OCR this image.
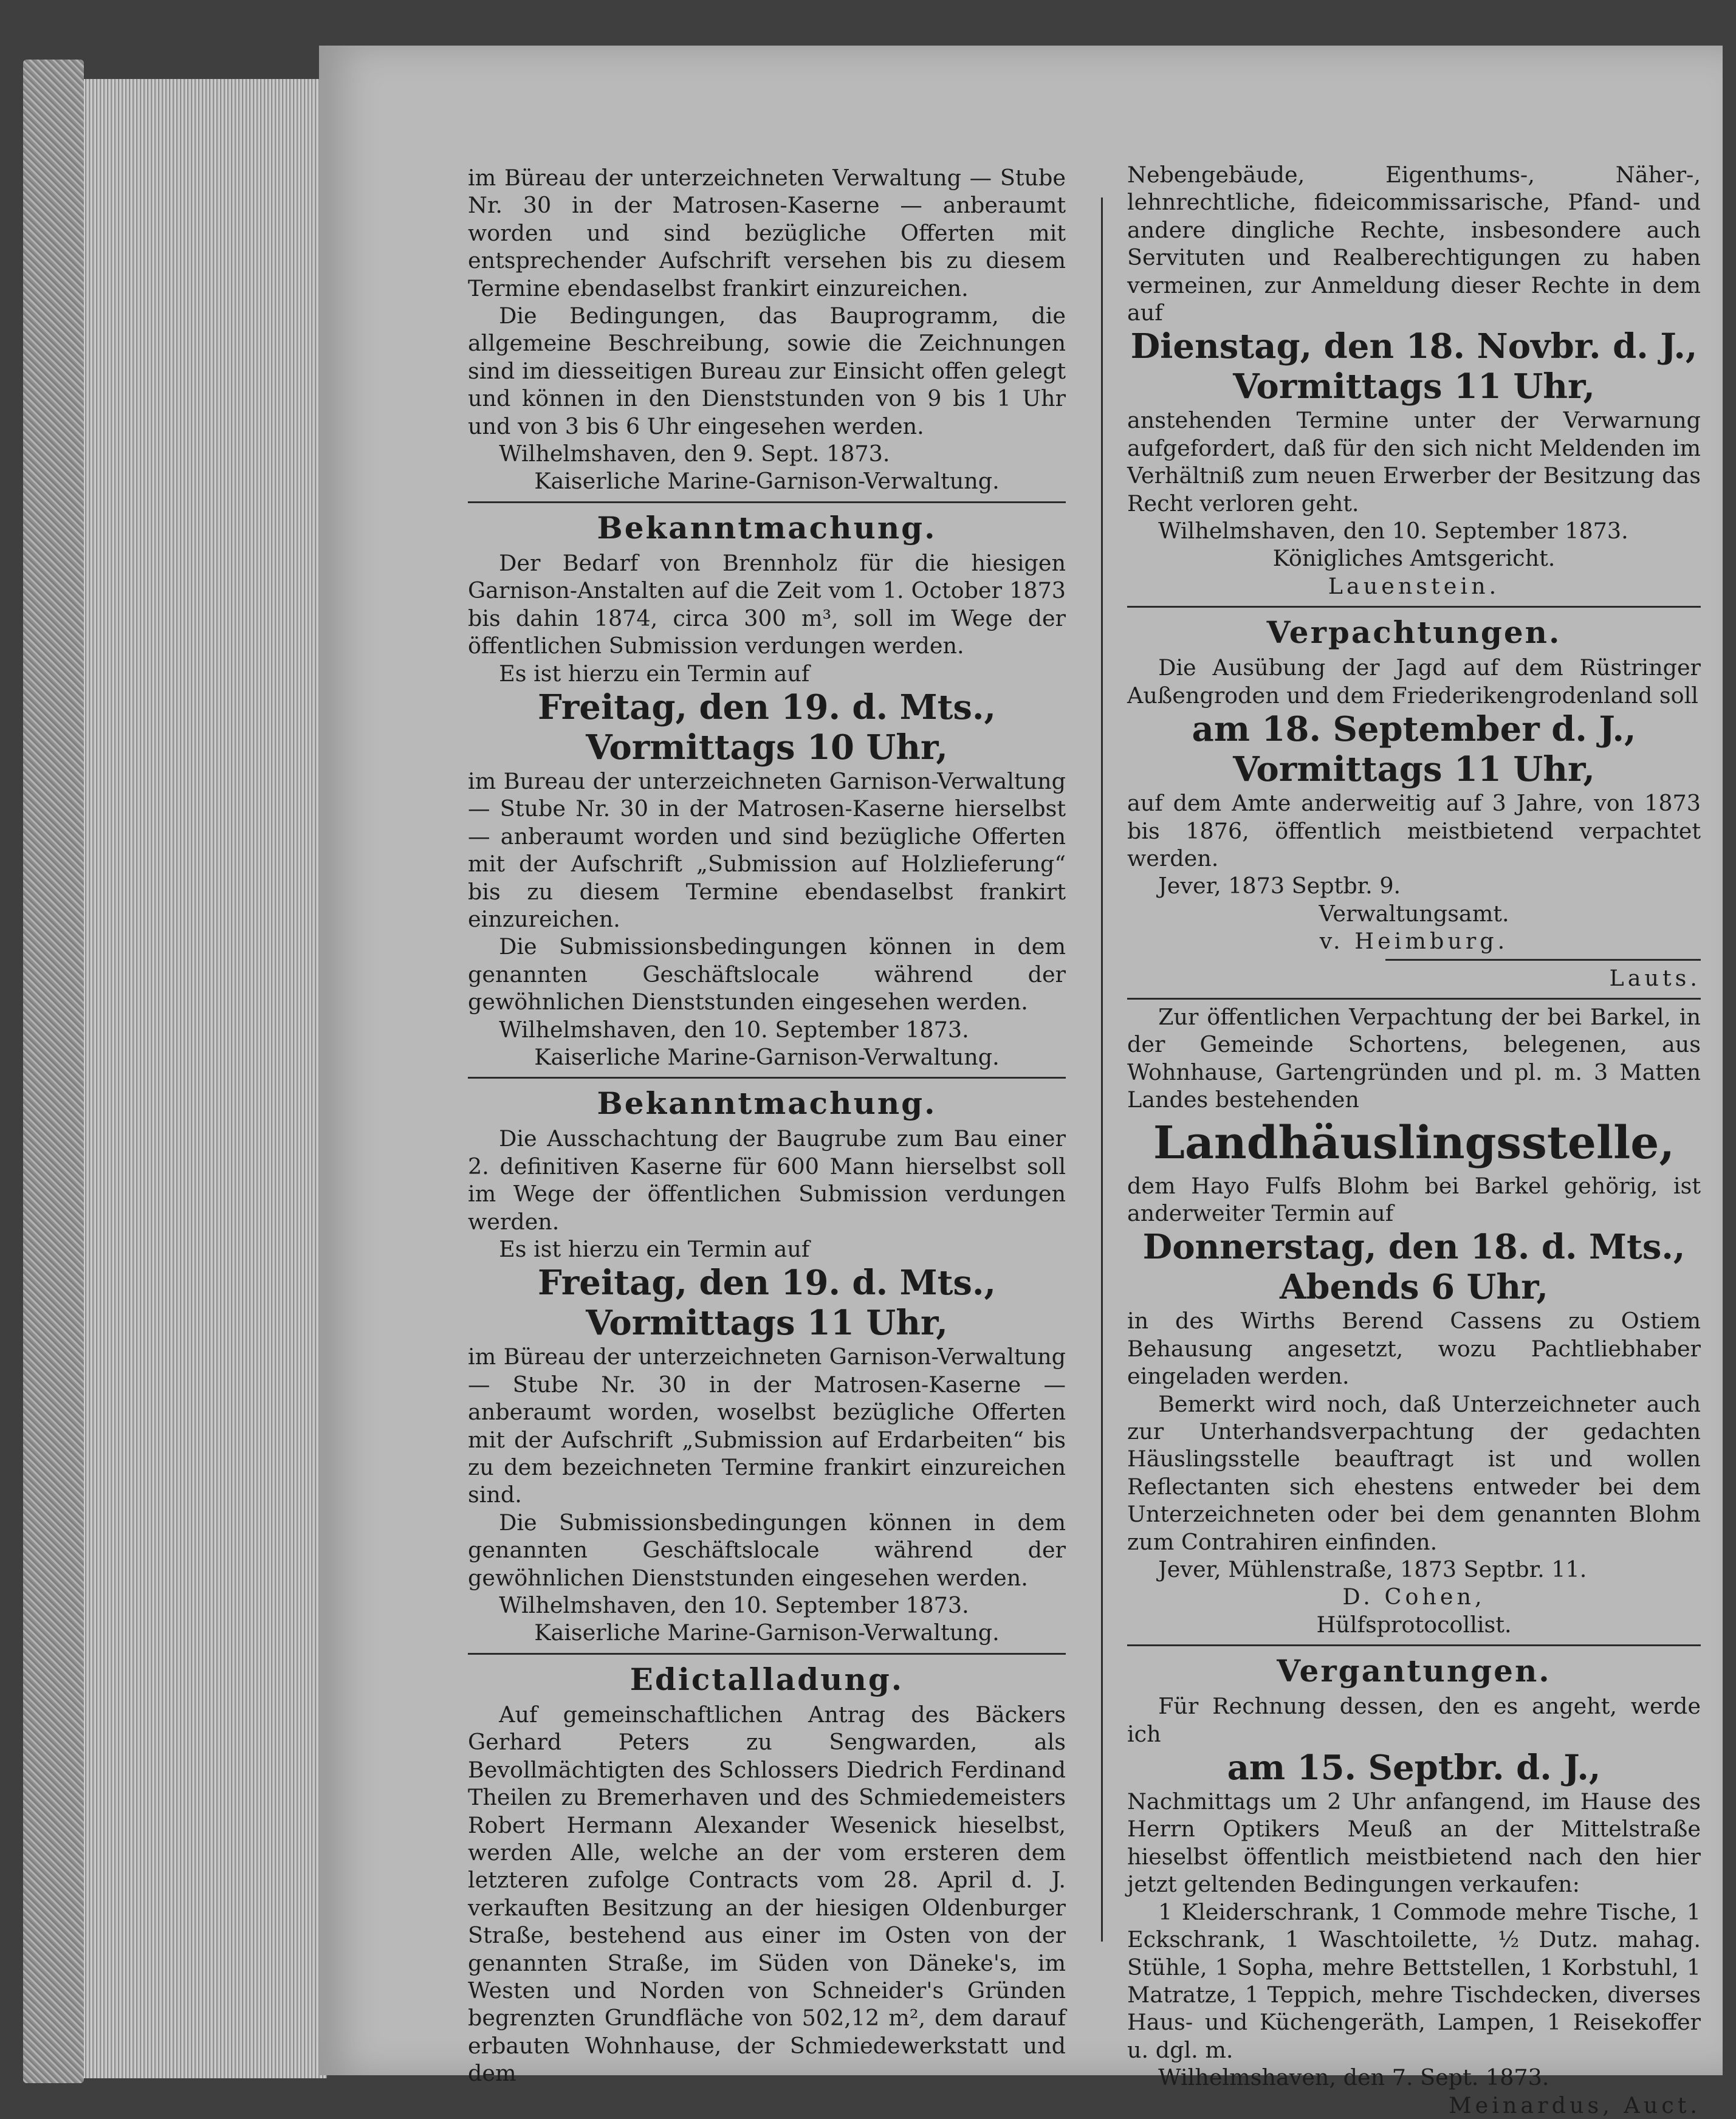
im Büreau der unterzeichneten Verwaltung — Stube Nr. 30 in der Matrosen-Kaserne — anberaumt worden und sind bezügliche Offerten mit entsprechender Aufschrift versehen bis zu diesem Termine ebendaselbst frankirt einzureichen.

Die Bedingungen, das Bauprogramm, die allgemeine Beschreibung, sowie die Zeichnungen sind im diesseitigen Bureau zur Einsicht offen gelegt und können in den Dienststunden von 9 bis 1 Uhr und von 3 bis 6 Uhr eingesehen werden.

Wilhelmshaven, den 9. Sept. 1873.

Kaiserliche Marine-Garnison-Verwaltung.

Bekanntmachung.

Der Bedarf von Brennholz für die hiesigen Garnison-Anstalten auf die Zeit vom 1. October 1873 bis dahin 1874, circa 300 m³, soll im Wege der öffentlichen Submission verdungen werden.

Es ist hierzu ein Termin auf

Freitag, den 19. d. Mts.,

Vormittags 10 Uhr,

im Bureau der unterzeichneten Garnison-Verwaltung — Stube Nr. 30 in der Matrosen-Kaserne hierselbst — anberaumt worden und sind bezügliche Offerten mit der Aufschrift „Submission auf Holzlieferung“ bis zu diesem Termine ebendaselbst frankirt einzureichen.

Die Submissionsbedingungen können in dem genannten Geschäftslocale während der gewöhnlichen Dienststunden eingesehen werden.

Wilhelmshaven, den 10. September 1873.

Kaiserliche Marine-Garnison-Verwaltung.

Bekanntmachung.

Die Ausschachtung der Baugrube zum Bau einer 2. definitiven Kaserne für 600 Mann hierselbst soll im Wege der öffentlichen Submission verdungen werden.

Es ist hierzu ein Termin auf

Freitag, den 19. d. Mts.,

Vormittags 11 Uhr,

im Büreau der unterzeichneten Garnison-Verwaltung — Stube Nr. 30 in der Matrosen-Kaserne — anberaumt worden, woselbst bezügliche Offerten mit der Aufschrift „Submission auf Erdarbeiten“ bis zu dem bezeichneten Termine frankirt einzureichen sind.

Die Submissionsbedingungen können in dem genannten Geschäftslocale während der gewöhnlichen Dienststunden eingesehen werden.

Wilhelmshaven, den 10. September 1873.

Kaiserliche Marine-Garnison-Verwaltung.

Edictalladung.

Auf gemeinschaftlichen Antrag des Bäckers Gerhard Peters zu Sengwarden, als Bevollmächtigten des Schlossers Diedrich Ferdinand Theilen zu Bremerhaven und des Schmiedemeisters Robert Hermann Alexander Wesenick hieselbst, werden Alle, welche an der vom ersteren dem letzteren zufolge Contracts vom 28. April d. J. verkauften Besitzung an der hiesigen Oldenburger Straße, bestehend aus einer im Osten von der genannten Straße, im Süden von Däneke's, im Westen und Norden von Schneider's Gründen begrenzten Grundfläche von 502,12 m², dem darauf erbauten Wohnhause, der Schmiedewerkstatt und dem

Nebengebäude, Eigenthums-, Näher-, lehnrechtliche, fideicommissarische, Pfand- und andere dingliche Rechte, insbesondere auch Servituten und Realberechtigungen zu haben vermeinen, zur Anmeldung dieser Rechte in dem auf

Dienstag, den 18. Novbr. d. J.,

Vormittags 11 Uhr,

anstehenden Termine unter der Verwarnung aufgefordert, daß für den sich nicht Meldenden im Verhältniß zum neuen Erwerber der Besitzung das Recht verloren geht.

Wilhelmshaven, den 10. September 1873.

Königliches Amtsgericht.

Lauenstein.

Verpachtungen.

Die Ausübung der Jagd auf dem Rüstringer Außengroden und dem Friederikengrodenland soll

am 18. September d. J.,

Vormittags 11 Uhr,

auf dem Amte anderweitig auf 3 Jahre, von 1873 bis 1876, öffentlich meistbietend verpachtet werden.

Jever, 1873 Septbr. 9.

Verwaltungsamt.

v. Heimburg.

Lauts.

Zur öffentlichen Verpachtung der bei Barkel, in der Gemeinde Schortens, belegenen, aus Wohnhause, Gartengründen und pl. m. 3 Matten Landes bestehenden

Landhäuslingsstelle,

dem Hayo Fulfs Blohm bei Barkel gehörig, ist anderweiter Termin auf

Donnerstag, den 18. d. Mts.,

Abends 6 Uhr,

in des Wirths Berend Cassens zu Ostiem Behausung angesetzt, wozu Pachtliebhaber eingeladen werden.

Bemerkt wird noch, daß Unterzeichneter auch zur Unterhandsverpachtung der gedachten Häuslingsstelle beauftragt ist und wollen Reflectanten sich ehestens entweder bei dem Unterzeichneten oder bei dem genannten Blohm zum Contrahiren einfinden.

Jever, Mühlenstraße, 1873 Septbr. 11.

D. Cohen,

Hülfsprotocollist.

Vergantungen.

Für Rechnung dessen, den es angeht, werde ich

am 15. Septbr. d. J.,

Nachmittags um 2 Uhr anfangend, im Hause des Herrn Optikers Meuß an der Mittelstraße hieselbst öffentlich meistbietend nach den hier jetzt geltenden Bedingungen verkaufen:

1 Kleiderschrank, 1 Commode mehre Tische, 1 Eckschrank, 1 Waschtoilette, ½ Dutz. mahag. Stühle, 1 Sopha, mehre Bettstellen, 1 Korbstuhl, 1 Matratze, 1 Teppich, mehre Tischdecken, diverses Haus- und Küchengeräth, Lampen, 1 Reisekoffer u. dgl. m.

Wilhelmshaven, den 7. Sept. 1873.

Meinardus, Auct.
